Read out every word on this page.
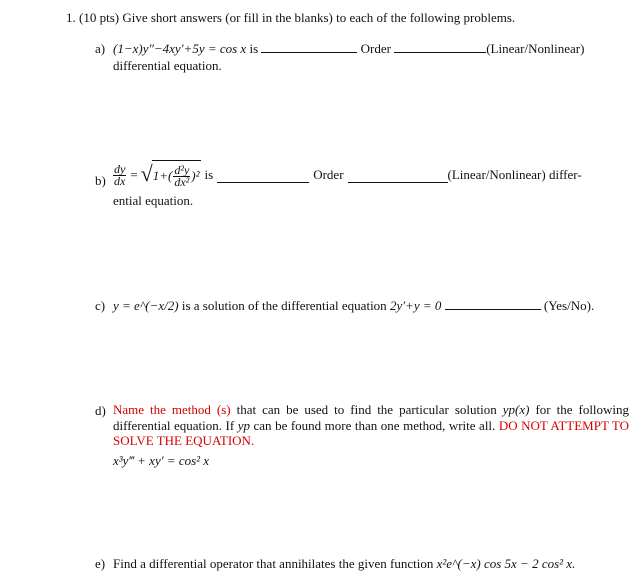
1. (10 pts) Give short answers (or fill in the blanks) to each of the following problems.
a) (1−x)y″−4xy′+5y = cos x is	Order	(Linear/Nonlinear)
differential equation.
$b) \frac{dy}{dx}$ = √ $1+( \frac{\text{d²y}}{\text{dx²}} )^2$ is	Order	(Linear/Nonlinear) differ-
ential equation.
c) y = e^(−x/2) is a solution of the differential equation 2y′+y = 0	(Yes/No).
d) Name the method (s) that can be used to find the particular solution yp(x) for the following differential equation. If yp can be found more than one method, write all. DO NOT ATTEMPT TO SOLVE THE EQUATION.
x³y‴ + xy′ = cos² x
e) Find a differential operator that annihilates the given function x²e^(−x) cos 5x − 2 cos² x.
